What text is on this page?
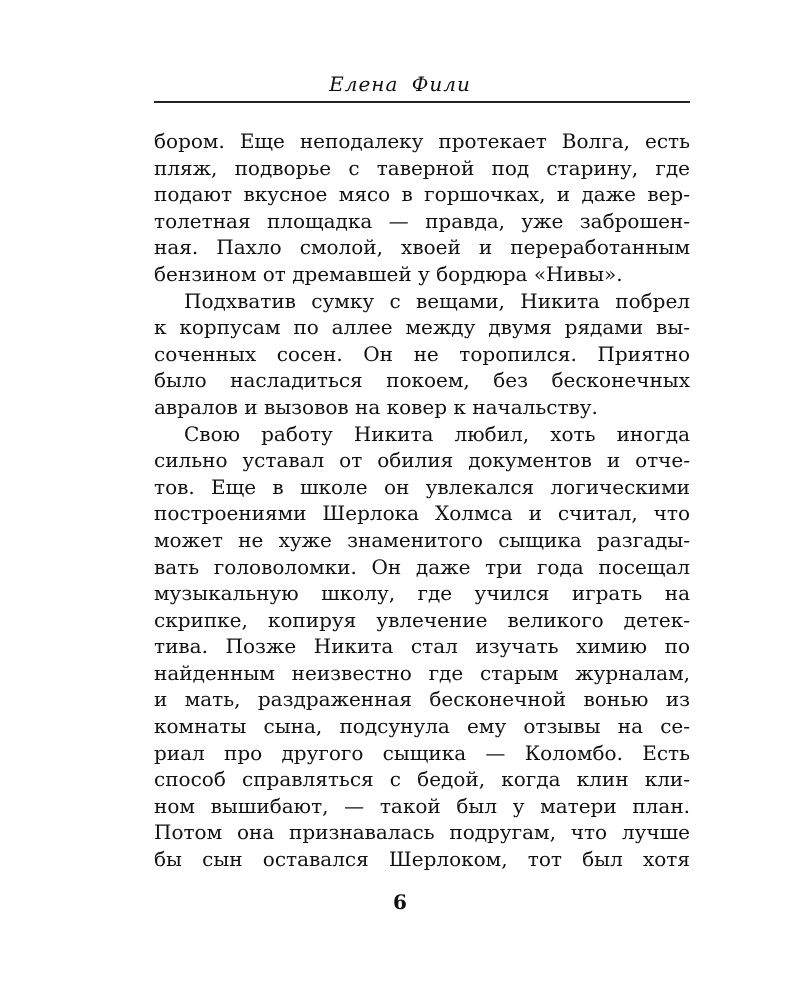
Елена Фили
бором. Еще неподалеку протекает Волга, есть
пляж, подворье с таверной под старину, где
подают вкусное мясо в горшочках, и даже вер-
толетная площадка — правда, уже заброшен-
ная. Пахло смолой, хвоей и переработанным
бензином от дремавшей у бордюра «Нивы».
Подхватив сумку с вещами, Никита побрел
к корпусам по аллее между двумя рядами вы-
соченных сосен. Он не торопился. Приятно
было насладиться покоем, без бесконечных
авралов и вызовов на ковер к начальству.
Свою работу Никита любил, хоть иногда
сильно уставал от обилия документов и отче-
тов. Еще в школе он увлекался логическими
построениями Шерлока Холмса и считал, что
может не хуже знаменитого сыщика разгады-
вать головоломки. Он даже три года посещал
музыкальную школу, где учился играть на
скрипке, копируя увлечение великого детек-
тива. Позже Никита стал изучать химию по
найденным неизвестно где старым журналам,
и мать, раздраженная бесконечной вонью из
комнаты сына, подсунула ему отзывы на се-
риал про другого сыщика — Коломбо. Есть
способ справляться с бедой, когда клин кли-
ном вышибают, — такой был у матери план.
Потом она признавалась подругам, что лучше
бы сын оставался Шерлоком, тот был хотя
6
